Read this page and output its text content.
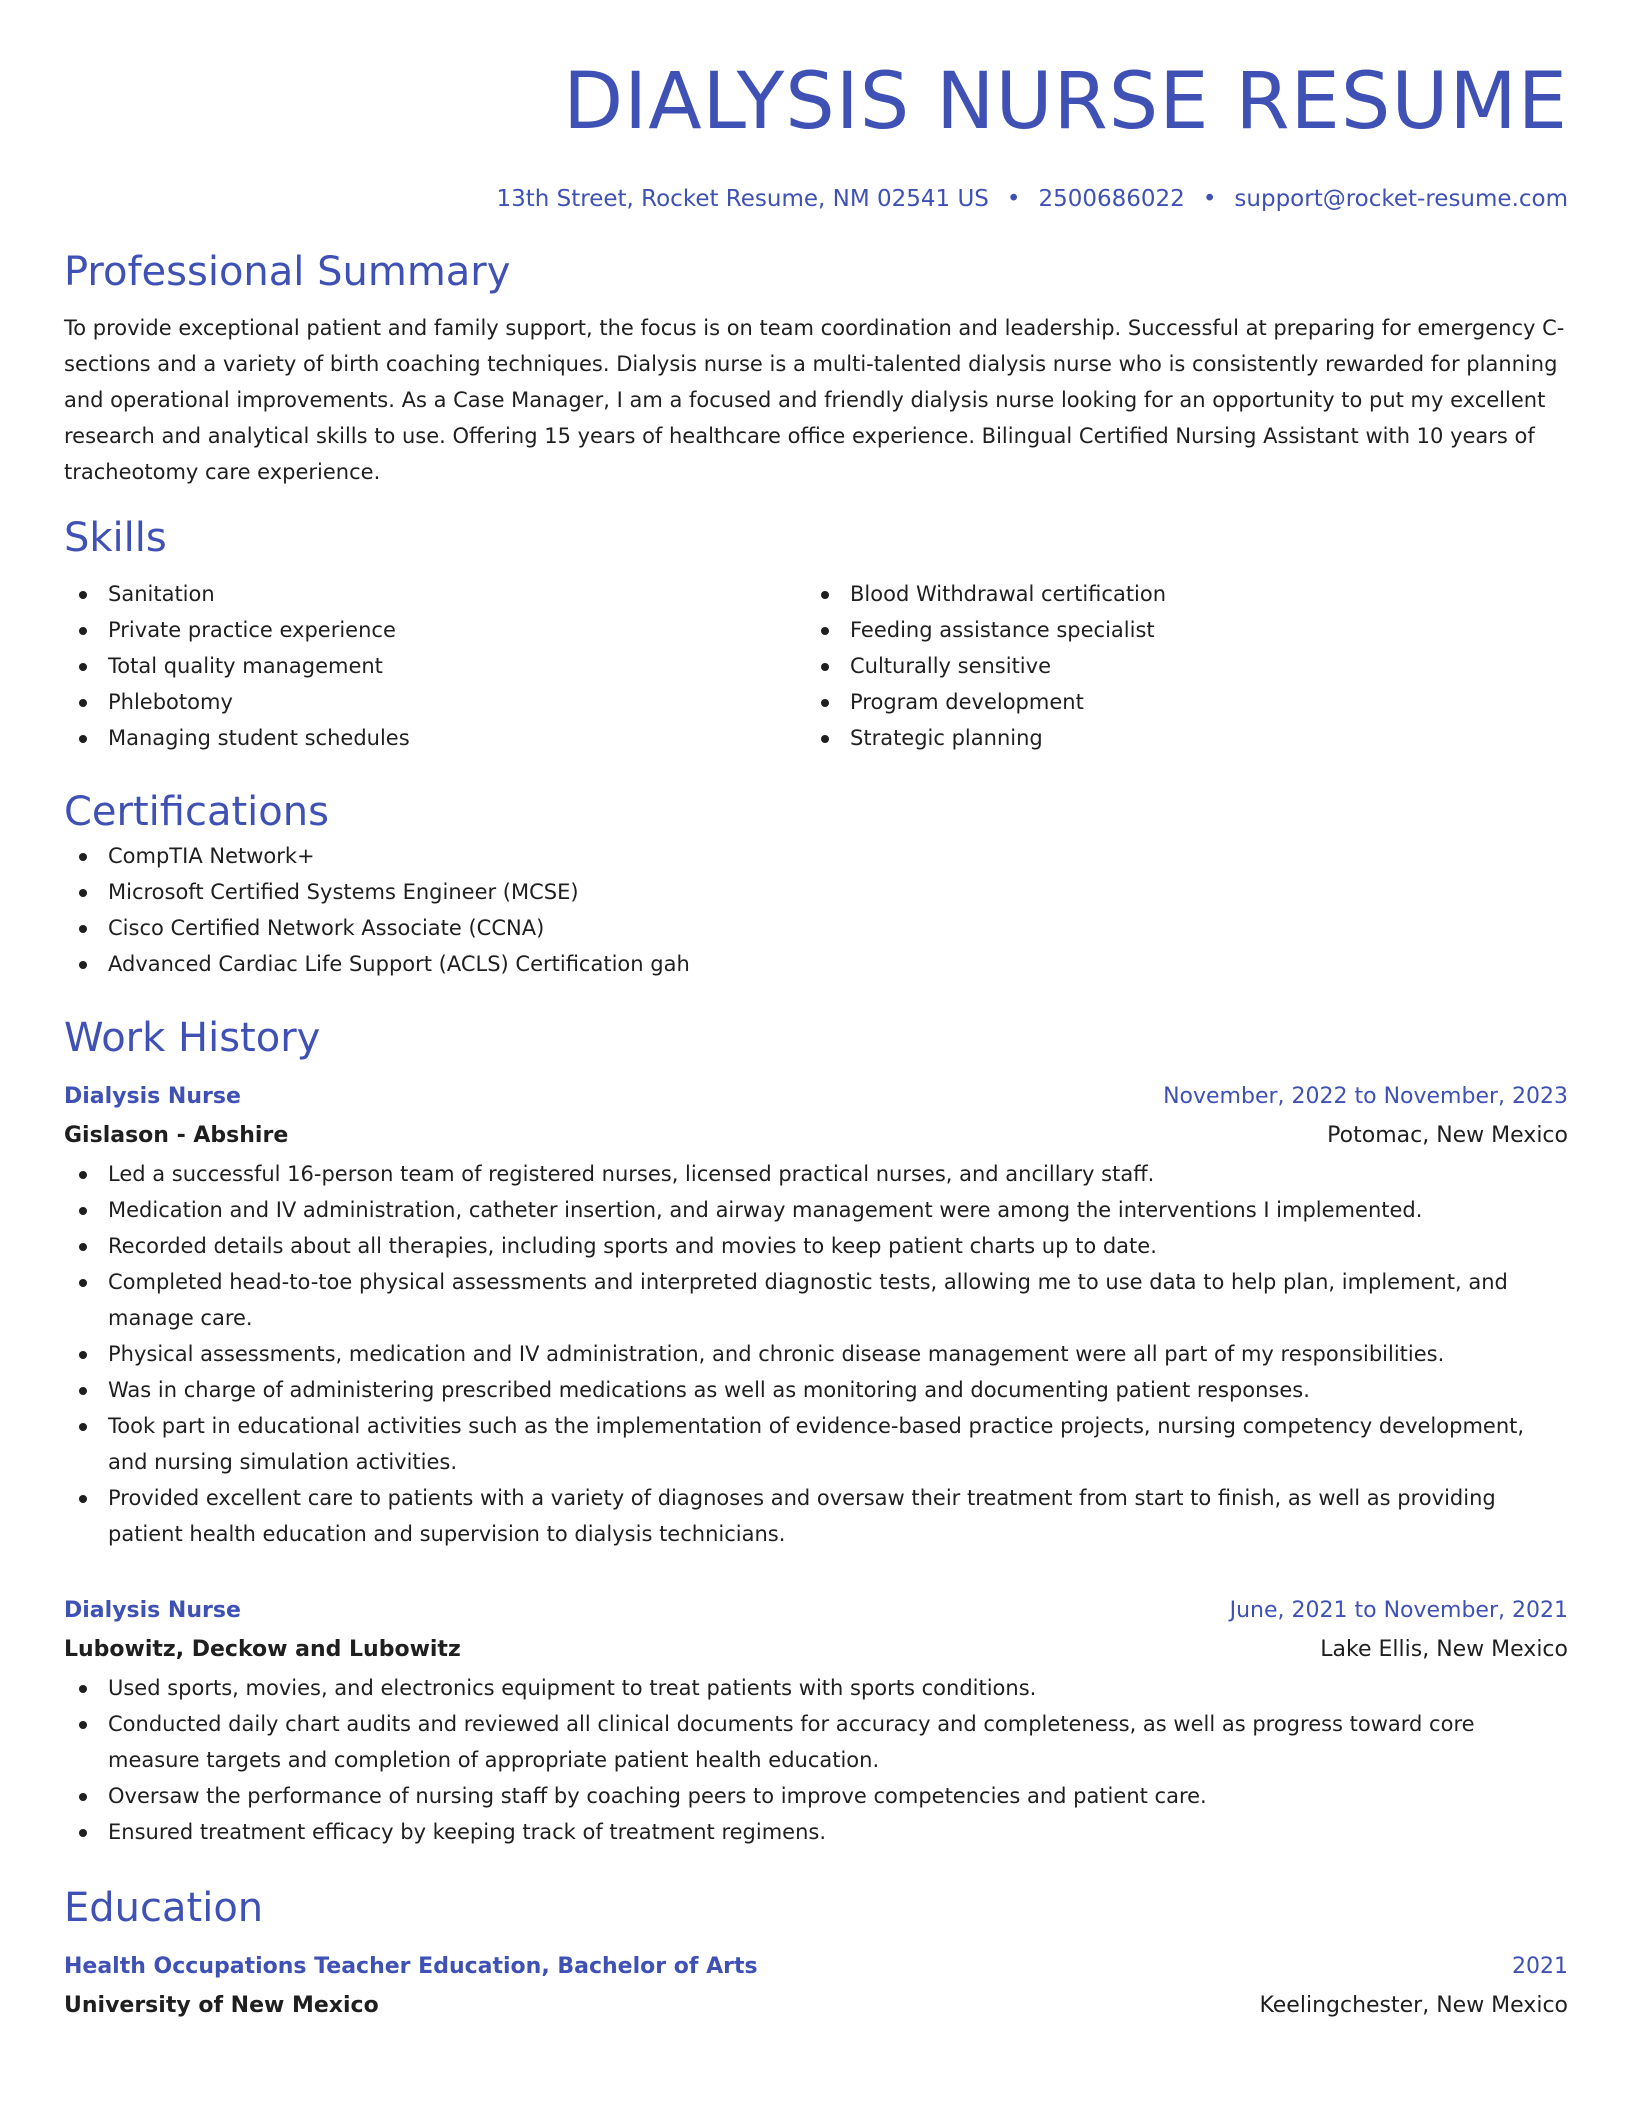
DIALYSIS NURSE RESUME
13th Street, Rocket Resume, NM 02541 US • 2500686022 • support@rocket-resume.com
Professional Summary

To provide exceptional patient and family support, the focus is on team coordination and leadership. Successful at preparing for emergency C-sections and a variety of birth coaching techniques. Dialysis nurse is a multi-talented dialysis nurse who is consistently rewarded for planning and operational improvements. As a Case Manager, I am a focused and friendly dialysis nurse looking for an opportunity to put my excellent research and analytical skills to use. Offering 15 years of healthcare office experience. Bilingual Certified Nursing Assistant with 10 years of tracheotomy care experience.

Skills
Sanitation
Private practice experience
Total quality management
Phlebotomy
Managing student schedules
Blood Withdrawal certification
Feeding assistance specialist
Culturally sensitive
Program development
Strategic planning
Certifications
CompTIA Network+
Microsoft Certified Systems Engineer (MCSE)
Cisco Certified Network Associate (CCNA)
Advanced Cardiac Life Support (ACLS) Certification gah
Work History
Dialysis Nurse	November, 2022 to November, 2023
Gislason - Abshire	Potomac, New Mexico
Led a successful 16-person team of registered nurses, licensed practical nurses, and ancillary staff.
Medication and IV administration, catheter insertion, and airway management were among the interventions I implemented.
Recorded details about all therapies, including sports and movies to keep patient charts up to date.
Completed head-to-toe physical assessments and interpreted diagnostic tests, allowing me to use data to help plan, implement, and manage care.
Physical assessments, medication and IV administration, and chronic disease management were all part of my responsibilities.
Was in charge of administering prescribed medications as well as monitoring and documenting patient responses.
Took part in educational activities such as the implementation of evidence-based practice projects, nursing competency development, and nursing simulation activities.
Provided excellent care to patients with a variety of diagnoses and oversaw their treatment from start to finish, as well as providing patient health education and supervision to dialysis technicians.
Dialysis Nurse	June, 2021 to November, 2021
Lubowitz, Deckow and Lubowitz	Lake Ellis, New Mexico
Used sports, movies, and electronics equipment to treat patients with sports conditions.
Conducted daily chart audits and reviewed all clinical documents for accuracy and completeness, as well as progress toward core measure targets and completion of appropriate patient health education.
Oversaw the performance of nursing staff by coaching peers to improve competencies and patient care.
Ensured treatment efficacy by keeping track of treatment regimens.
Education
Health Occupations Teacher Education, Bachelor of Arts	2021
University of New Mexico	Keelingchester, New Mexico
